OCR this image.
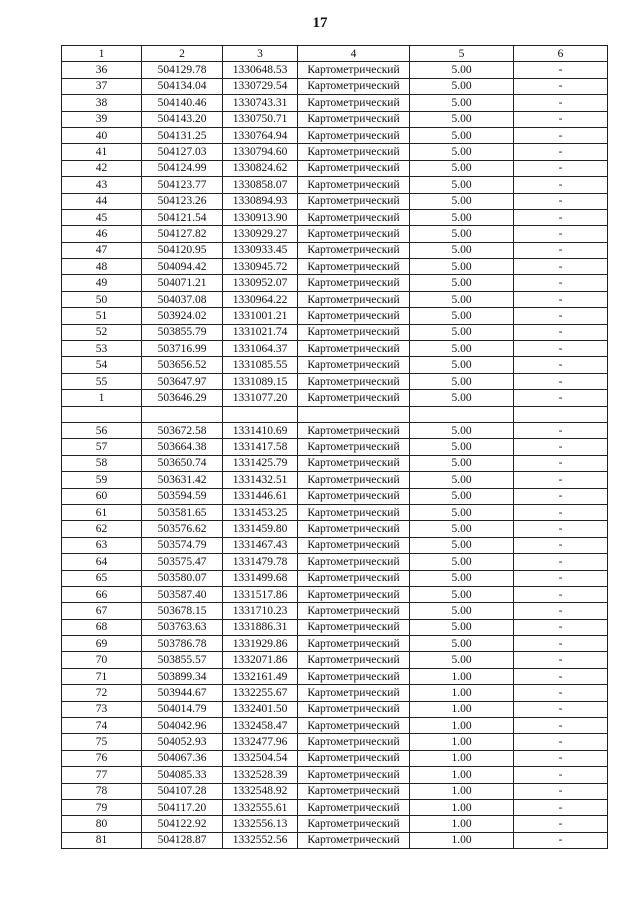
17
1	2	3	4	5	6
36	504129.78	1330648.53	Картометрический	5.00	-
37	504134.04	1330729.54	Картометрический	5.00	-
38	504140.46	1330743.31	Картометрический	5.00	-
39	504143.20	1330750.71	Картометрический	5.00	-
40	504131.25	1330764.94	Картометрический	5.00	-
41	504127.03	1330794.60	Картометрический	5.00	-
42	504124.99	1330824.62	Картометрический	5.00	-
43	504123.77	1330858.07	Картометрический	5.00	-
44	504123.26	1330894.93	Картометрический	5.00	-
45	504121.54	1330913.90	Картометрический	5.00	-
46	504127.82	1330929.27	Картометрический	5.00	-
47	504120.95	1330933.45	Картометрический	5.00	-
48	504094.42	1330945.72	Картометрический	5.00	-
49	504071.21	1330952.07	Картометрический	5.00	-
50	504037.08	1330964.22	Картометрический	5.00	-
51	503924.02	1331001.21	Картометрический	5.00	-
52	503855.79	1331021.74	Картометрический	5.00	-
53	503716.99	1331064.37	Картометрический	5.00	-
54	503656.52	1331085.55	Картометрический	5.00	-
55	503647.97	1331089.15	Картометрический	5.00	-
1	503646.29	1331077.20	Картометрический	5.00	-

56	503672.58	1331410.69	Картометрический	5.00	-
57	503664.38	1331417.58	Картометрический	5.00	-
58	503650.74	1331425.79	Картометрический	5.00	-
59	503631.42	1331432.51	Картометрический	5.00	-
60	503594.59	1331446.61	Картометрический	5.00	-
61	503581.65	1331453.25	Картометрический	5.00	-
62	503576.62	1331459.80	Картометрический	5.00	-
63	503574.79	1331467.43	Картометрический	5.00	-
64	503575.47	1331479.78	Картометрический	5.00	-
65	503580.07	1331499.68	Картометрический	5.00	-
66	503587.40	1331517.86	Картометрический	5.00	-
67	503678.15	1331710.23	Картометрический	5.00	-
68	503763.63	1331886.31	Картометрический	5.00	-
69	503786.78	1331929.86	Картометрический	5.00	-
70	503855.57	1332071.86	Картометрический	5.00	-
71	503899.34	1332161.49	Картометрический	1.00	-
72	503944.67	1332255.67	Картометрический	1.00	-
73	504014.79	1332401.50	Картометрический	1.00	-
74	504042.96	1332458.47	Картометрический	1.00	-
75	504052.93	1332477.96	Картометрический	1.00	-
76	504067.36	1332504.54	Картометрический	1.00	-
77	504085.33	1332528.39	Картометрический	1.00	-
78	504107.28	1332548.92	Картометрический	1.00	-
79	504117.20	1332555.61	Картометрический	1.00	-
80	504122.92	1332556.13	Картометрический	1.00	-
81	504128.87	1332552.56	Картометрический	1.00	-
